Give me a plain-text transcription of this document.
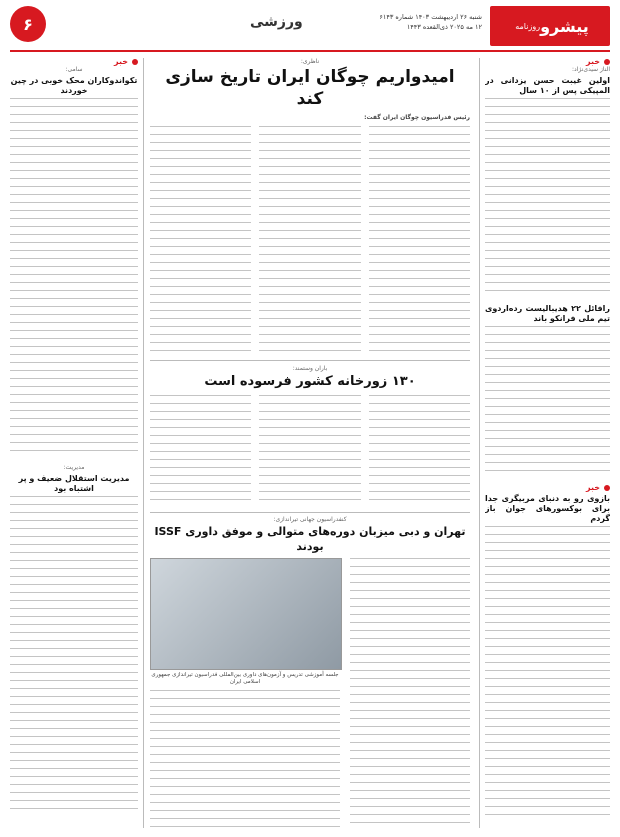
پیشرو
روزنامه
شنبه ۲۶ اردیبهشت ۱۴۰۳ شماره ۶۱۴۳
۱۲ مه ۲۰۲۵ ذی‌القعده ۱۴۴۳
ورزشی
۶
خبر
الناز سیدی‌نژاد:
اولین غیبت حسن یزدانی در المپیکی پس از ۱۰ سال
رافائل ۲۲ هدیبالیست رده‌اردوی تیم ملی فرانکو باند
خبر
بازوی رو به دنبای مربیگری جدا برای بوکسورهای جوان باز گردم
ناظری:
امیدواریم چوگان ایران تاریخ سازی کند
رئیس فدراسیون چوگان ایران گفت:
باران وستمند:
۱۳۰ زورخانه کشور فرسوده است
کنفدراسیون جهانی تیراندازی:
تهران و دبی میزبان دوره‌های متوالی و موفق داوری ISSF بودند
جلسه آموزشی تدریس و آزمون‌های داوری بین‌المللی فدراسیون تیراندازی جمهوری اسلامی ایران
خبر
سامی:
تکواندوکاران محک خوبی در چین خوردند
مدیریت:
مدیریت استقلال ضعیف و پر اشتباه بود
